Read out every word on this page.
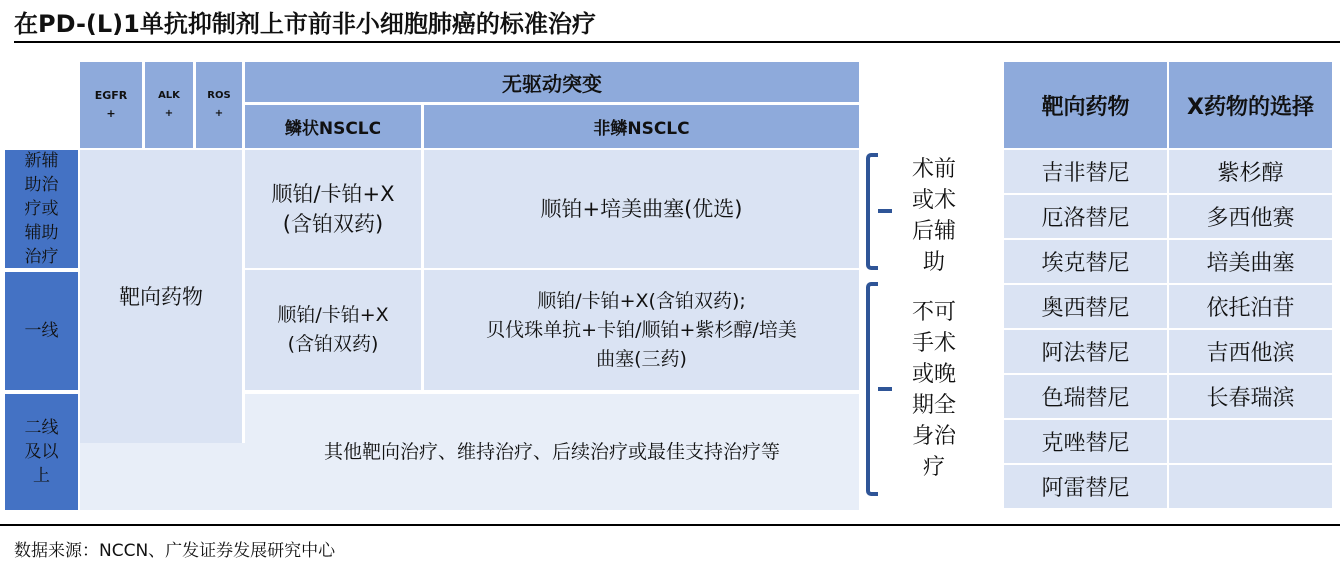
在PD-(L)1单抗抑制剂上市前非小细胞肺癌的标准治疗
EGFR
+
ALK
+
ROS
+
无驱动突变
鳞状NSCLC	非鳞NSCLC
新辅
助治
疗或
辅助
治疗
一线
二线
及以
上
靶向药物
顺铂/卡铂+X
(含铂双药)
顺铂+培美曲塞(优选)
顺铂/卡铂+X
(含铂双药)
顺铂/卡铂+X(含铂双药);
贝伐珠单抗+卡铂/顺铂+紫杉醇/培美
曲塞(三药)
其他靶向治疗、维持治疗、后续治疗或最佳支持治疗等
术前
或术
后辅
助
不可
手术
或晚
期全
身治
疗
靶向药物	X药物的选择
吉非替尼
厄洛替尼
埃克替尼
奥西替尼
阿法替尼
色瑞替尼
克唑替尼
阿雷替尼
紫杉醇
多西他赛
培美曲塞
依托泊苷
吉西他滨
长春瑞滨
数据来源：NCCN、广发证券发展研究中心
